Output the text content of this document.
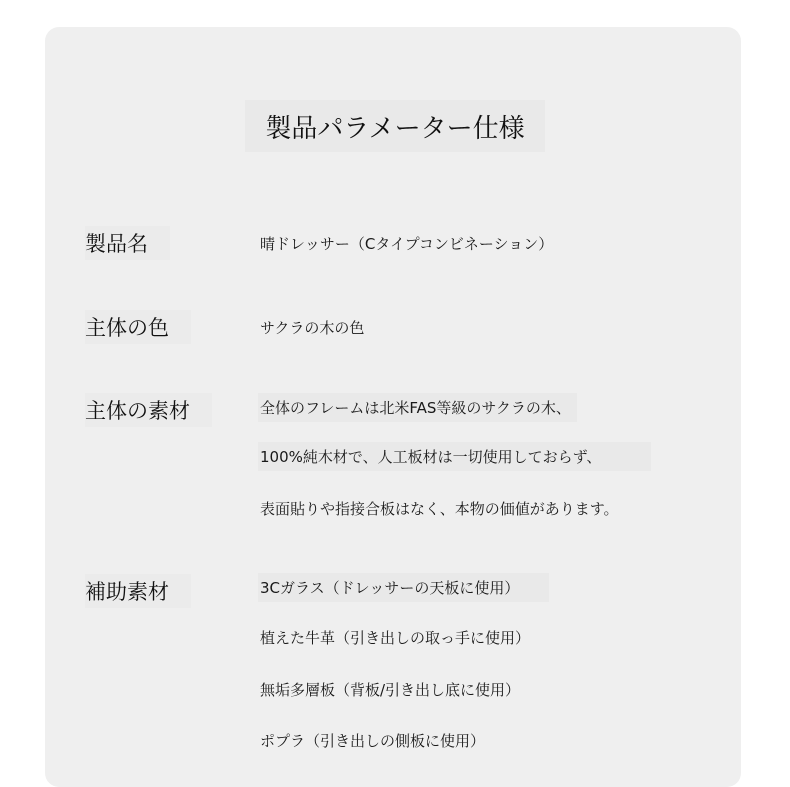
製品パラメーター仕様
製品名	晴ドレッサー（Cタイプコンビネーション）
主体の色	サクラの木の色
主体の素材	全体のフレームは北米FAS等級のサクラの木、
100%純木材で、人工板材は一切使用しておらず、
表面貼りや指接合板はなく、本物の価値があります。
補助素材	3Cガラス（ドレッサーの天板に使用）
植えた牛革（引き出しの取っ手に使用）
無垢多層板（背板/引き出し底に使用）
ポプラ（引き出しの側板に使用）
